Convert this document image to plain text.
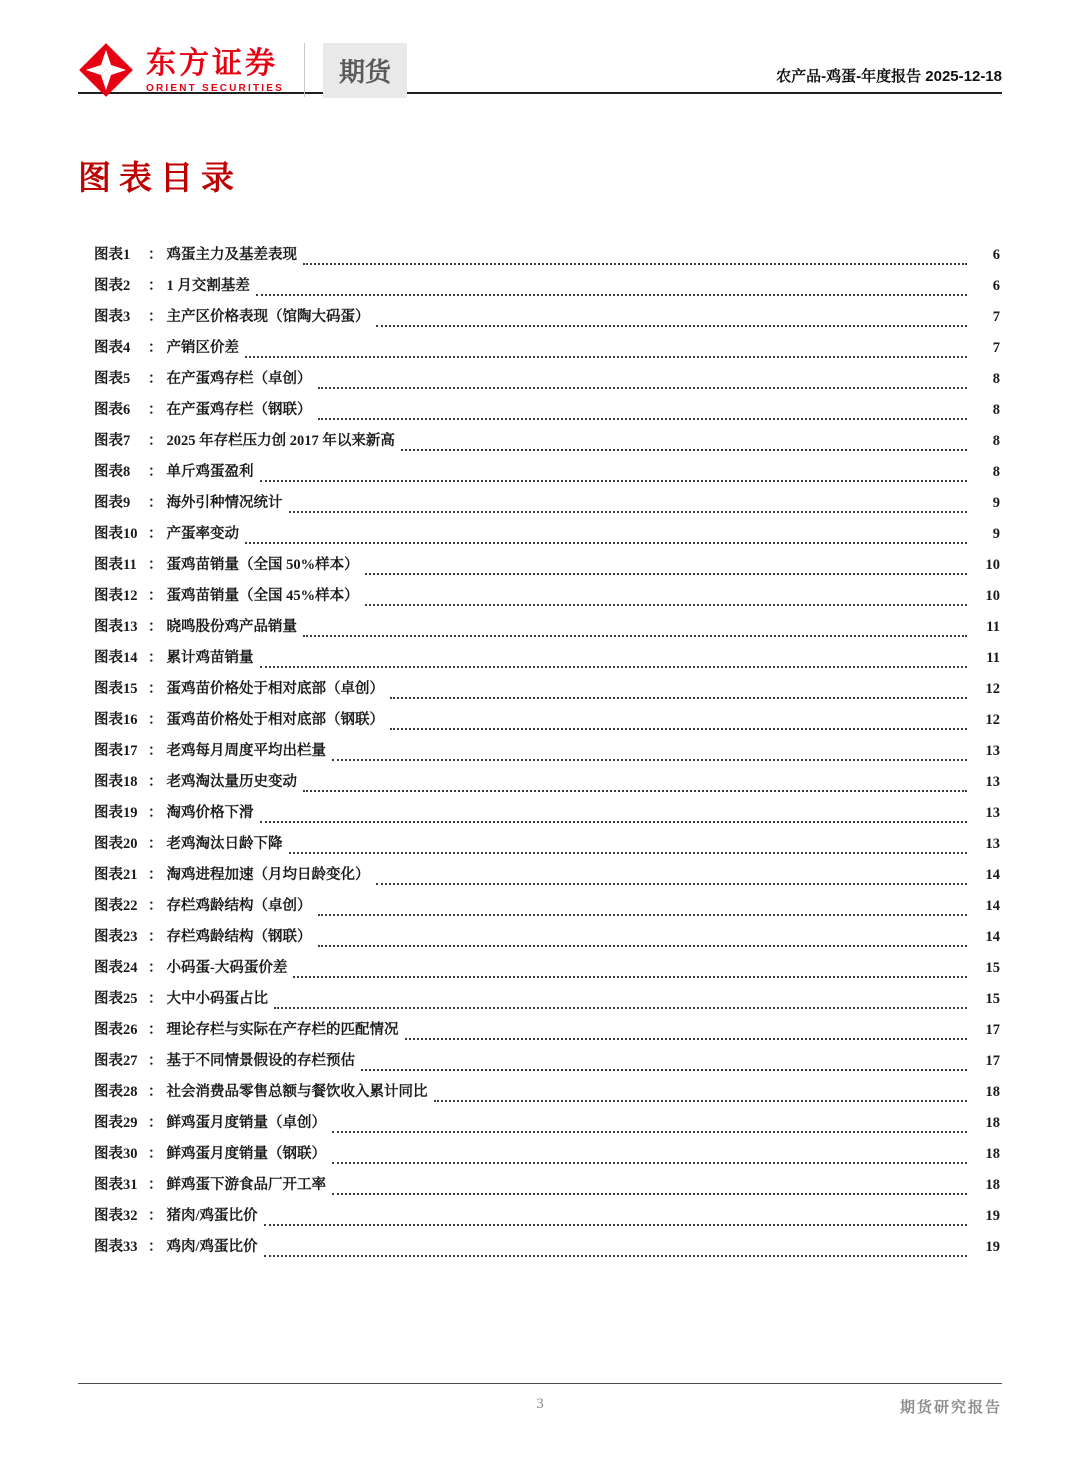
东方证券
ORIENT SECURITIES
期货	农产品-鸡蛋-年度报告 2025-12-18
图表目录
图表1	： 鸡蛋主力及基差表现	6
图表2	： 1 月交割基差	6
图表3	： 主产区价格表现（馆陶大码蛋）	7
图表4	： 产销区价差	7
图表5	： 在产蛋鸡存栏（卓创）	8
图表6	： 在产蛋鸡存栏（钢联）	8
图表7	： 2025 年存栏压力创 2017 年以来新高	8
图表8	： 单斤鸡蛋盈利	8
图表9	： 海外引种情况统计	9
图表10 ： 产蛋率变动	9
图表11 ： 蛋鸡苗销量（全国 50%样本）	10
图表12 ： 蛋鸡苗销量（全国 45%样本）	10
图表13 ： 晓鸣股份鸡产品销量	11
图表14 ： 累计鸡苗销量	11
图表15 ： 蛋鸡苗价格处于相对底部（卓创）	12
图表16 ： 蛋鸡苗价格处于相对底部（钢联）	12
图表17 ： 老鸡每月周度平均出栏量	13
图表18 ： 老鸡淘汰量历史变动	13
图表19 ： 淘鸡价格下滑	13
图表20 ： 老鸡淘汰日龄下降	13
图表21 ： 淘鸡进程加速（月均日龄变化）	14
图表22 ： 存栏鸡龄结构（卓创）	14
图表23 ： 存栏鸡龄结构（钢联）	14
图表24 ： 小码蛋-大码蛋价差	15
图表25 ： 大中小码蛋占比	15
图表26 ： 理论存栏与实际在产存栏的匹配情况	17
图表27 ： 基于不同情景假设的存栏预估	17
图表28 ： 社会消费品零售总额与餐饮收入累计同比	18
图表29 ： 鲜鸡蛋月度销量（卓创）	18
图表30 ： 鲜鸡蛋月度销量（钢联）	18
图表31 ： 鲜鸡蛋下游食品厂开工率	18
图表32 ： 猪肉/鸡蛋比价	19
图表33 ： 鸡肉/鸡蛋比价	19
3	期货研究报告
